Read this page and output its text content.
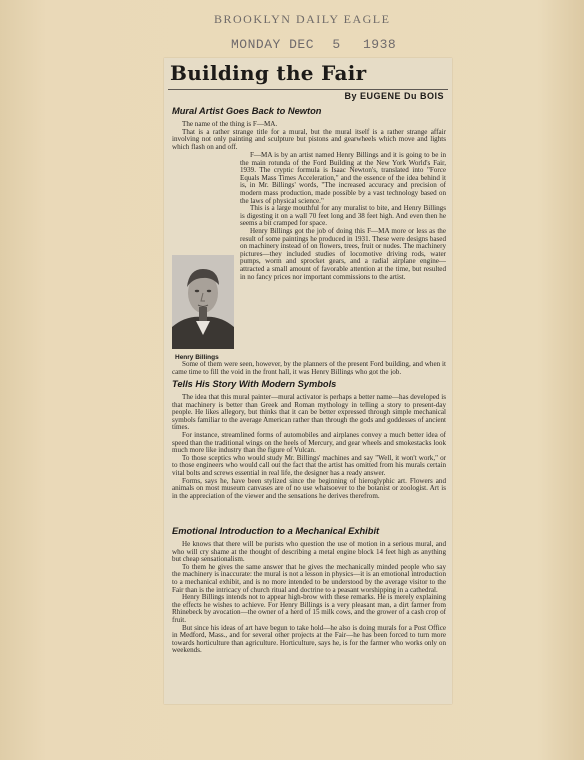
BROOKLYN DAILY EAGLE
MONDAY DEC 5 1938
Building the Fair
By EUGENE Du BOIS
Mural Artist Goes Back to Newton

The name of the thing is F—MA.

That is a rather strange title for a mural, but the mural itself is a rather strange affair involving not only painting and sculpture but pistons and gearwheels which move and lights which flash on and off.

F—MA is by an artist named Henry Billings and it is going to be in the main rotunda of the Ford Building at the New York World's Fair, 1939. The cryptic formula is Isaac Newton's, translated into "Force Equals Mass Times Acceleration," and the essence of the idea behind it is, in Mr. Billings' words, "The increased accuracy and precision of modern mass production, made possible by a vast technology based on the laws of physical science."

This is a large mouthful for any muralist to bite, and Henry Billings is digesting it on a wall 70 feet long and 38 feet high. And even then he seems a bit cramped for space.

Henry Billings got the job of doing this F—MA more or less as the result of some paintings he produced in 1931. These were designs based on machinery instead of on flowers, trees, fruit or nudes. The machinery pictures—they included studies of locomotive driving rods, water pumps, worm and sprocket gears, and a radial airplane engine—attracted a small amount of favorable attention at the time, but resulted in no fancy prices nor important commissions to the artist.

Henry Billings

Some of them were seen, however, by the planners of the present Ford building, and when it came time to fill the void in the front hall, it was Henry Billings who got the job.

Tells His Story With Modern Symbols

The idea that this mural painter—mural activator is perhaps a better name—has developed is that machinery is better than Greek and Roman mythology in telling a story to present-day people. He likes allegory, but thinks that it can be better expressed through simple mechanical symbols familiar to the average American rather than through the gods and goddesses of ancient times.

For instance, streamlined forms of automobiles and airplanes convey a much better idea of speed than the traditional wings on the heels of Mercury, and gear wheels and smokestacks look much more like industry than the figure of Vulcan.

To those sceptics who would study Mr. Billings' machines and say "Well, it won't work," or to those engineers who would call out the fact that the artist has omitted from his murals certain vital bolts and screws essential in real life, the designer has a ready answer.

Forms, says he, have been stylized since the beginning of hieroglyphic art. Flowers and animals on most museum canvases are of no use whatsoever to the botanist or zoologist. Art is in the appreciation of the viewer and the sensations he derives therefrom.

Emotional Introduction to a Mechanical Exhibit

He knows that there will be purists who question the use of motion in a serious mural, and who will cry shame at the thought of describing a metal engine block 14 feet high as anything but cheap sensationalism.

To them he gives the same answer that he gives the mechanically minded people who say the machinery is inaccurate: the mural is not a lesson in physics—it is an emotional introduction to a mechanical exhibit, and is no more intended to be understood by the average visitor to the Fair than is the intricacy of church ritual and doctrine to a peasant worshipping in a cathedral.

Henry Billings intends not to appear high-brow with these remarks. He is merely explaining the effects he wishes to achieve. For Henry Billings is a very pleasant man, a dirt farmer from Rhinebeck by avocation—the owner of a herd of 15 milk cows, and the grower of a cash crop of fruit.

But since his ideas of art have begun to take hold—he also is doing murals for a Post Office in Medford, Mass., and for several other projects at the Fair—he has been forced to turn more towards horticulture than agriculture. Horticulture, says he, is for the farmer who works only on weekends.
